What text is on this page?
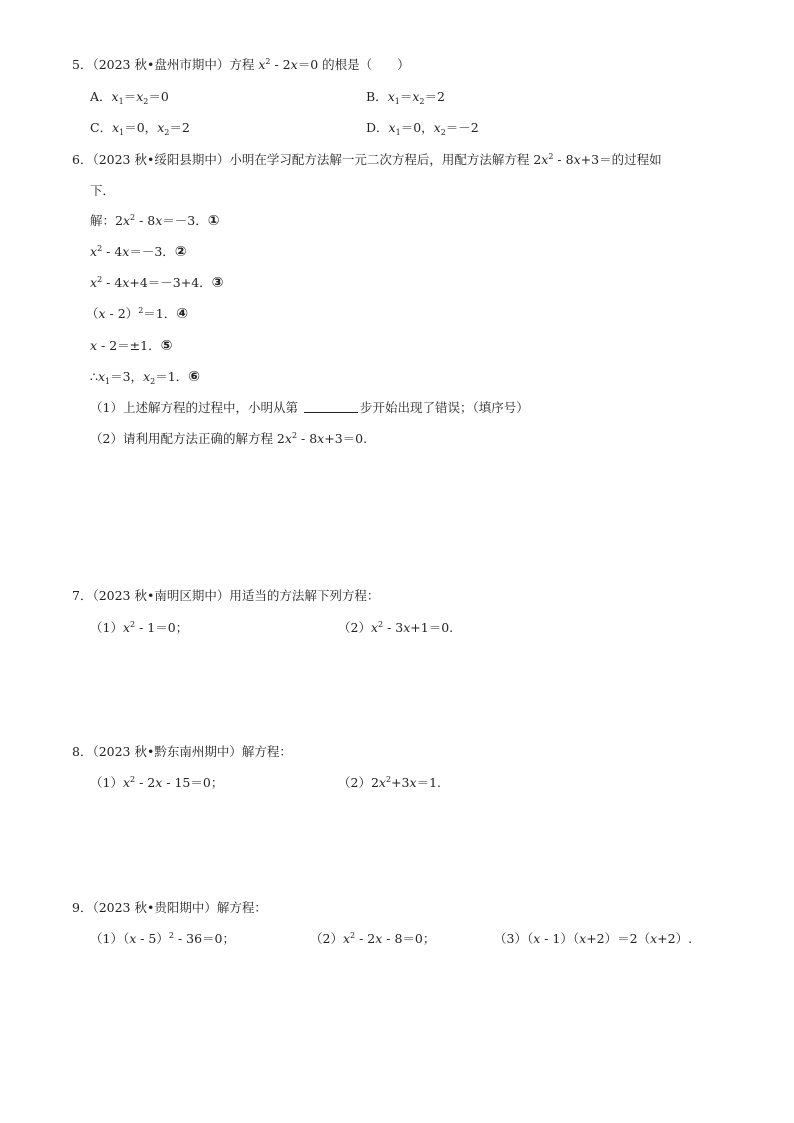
5．（2023 秋•盘州市期中）方程 $x^2 - 2x=0$ 的根是（　　）
A．$x_1=x_2=0$	B．$x_1=x_2=2$
C．$x_1=0$，$x_2=2$	D．$x_1=0$，$x_2=-2$
6．（2023 秋•绥阳县期中）小明在学习配方法解一元二次方程后，用配方法解方程 $2x^2 - 8x+3=$的过程如
下．
解：$2x^2 - 8x=-3$．①
$x^2 - 4x=-3$．②
$x^2 - 4x+4=-3+4$．③
（x - 2）$^2$＝1．④
x - 2＝±1．⑤
$\therefore x_1=3$，$x_2=1$．⑥
（1）上述解方程的过程中，小明从第	步开始出现了错误；（填序号）
（2）请利用配方法正确的解方程 $2x^2 - 8x+3=0$.
7．（2023 秋•南明区期中）用适当的方法解下列方程：
$(1)x^2 - 1=0$；	$(2)x^2 - 3x+1=0$.
8．（2023 秋•黔东南州期中）解方程：
$(1)x^2 - 2x - 15=0$；	$(2)2x^2+3x=1$.
9．（2023 秋•贵阳期中）解方程：
（1）（x - 5）$^2$ - 36＝0；	$(2)x^2 - 2x - 8=0$；	（3）（x - 1）（x+2）＝2（x+2）.
